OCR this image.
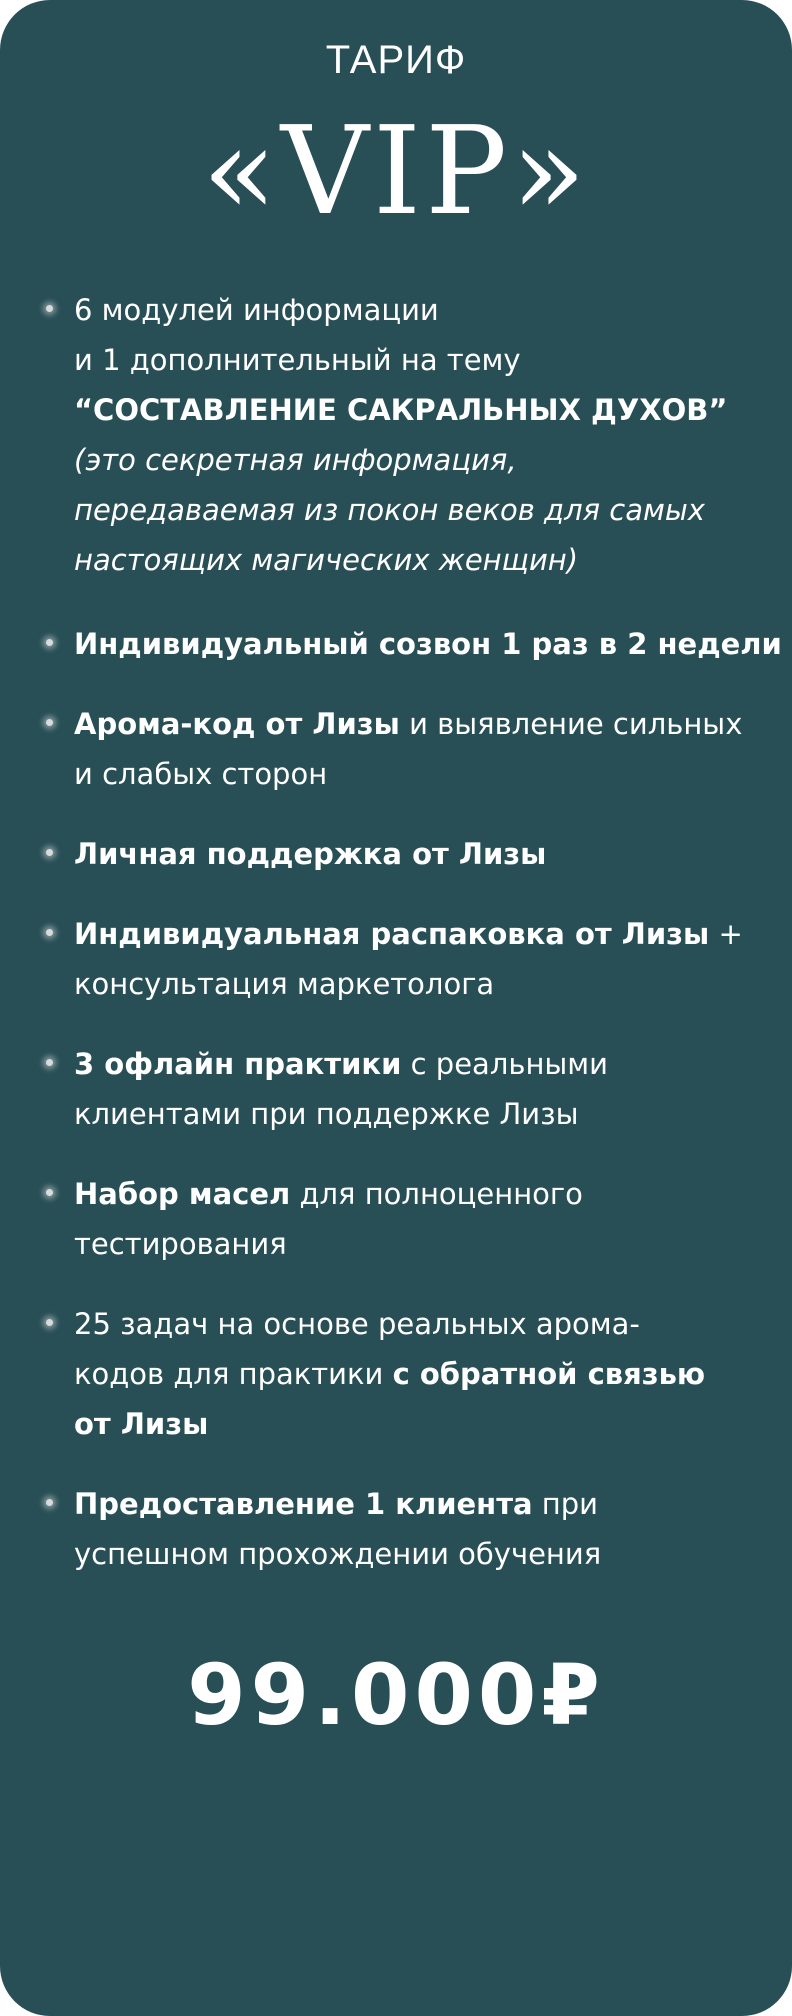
ТАРИФ
«VIP»
6 модулей информации
и 1 дополнительный на тему
“СОСТАВЛЕНИЕ САКРАЛЬНЫХ ДУХОВ”
(это секретная информация,
передаваемая из покон веков для самых
настоящих магических женщин)
Индивидуальный созвон 1 раз в 2 недели
Арома-код от Лизы и выявление сильных
и слабых сторон
Личная поддержка от Лизы
Индивидуальная распаковка от Лизы +
консультация маркетолога
3 офлайн практики с реальными
клиентами при поддержке Лизы
Набор масел для полноценного
тестирования
25 задач на основе реальных арома-
кодов для практики с обратной связью
от Лизы
Предоставление 1 клиента при
успешном прохождении обучения
99.000₽
